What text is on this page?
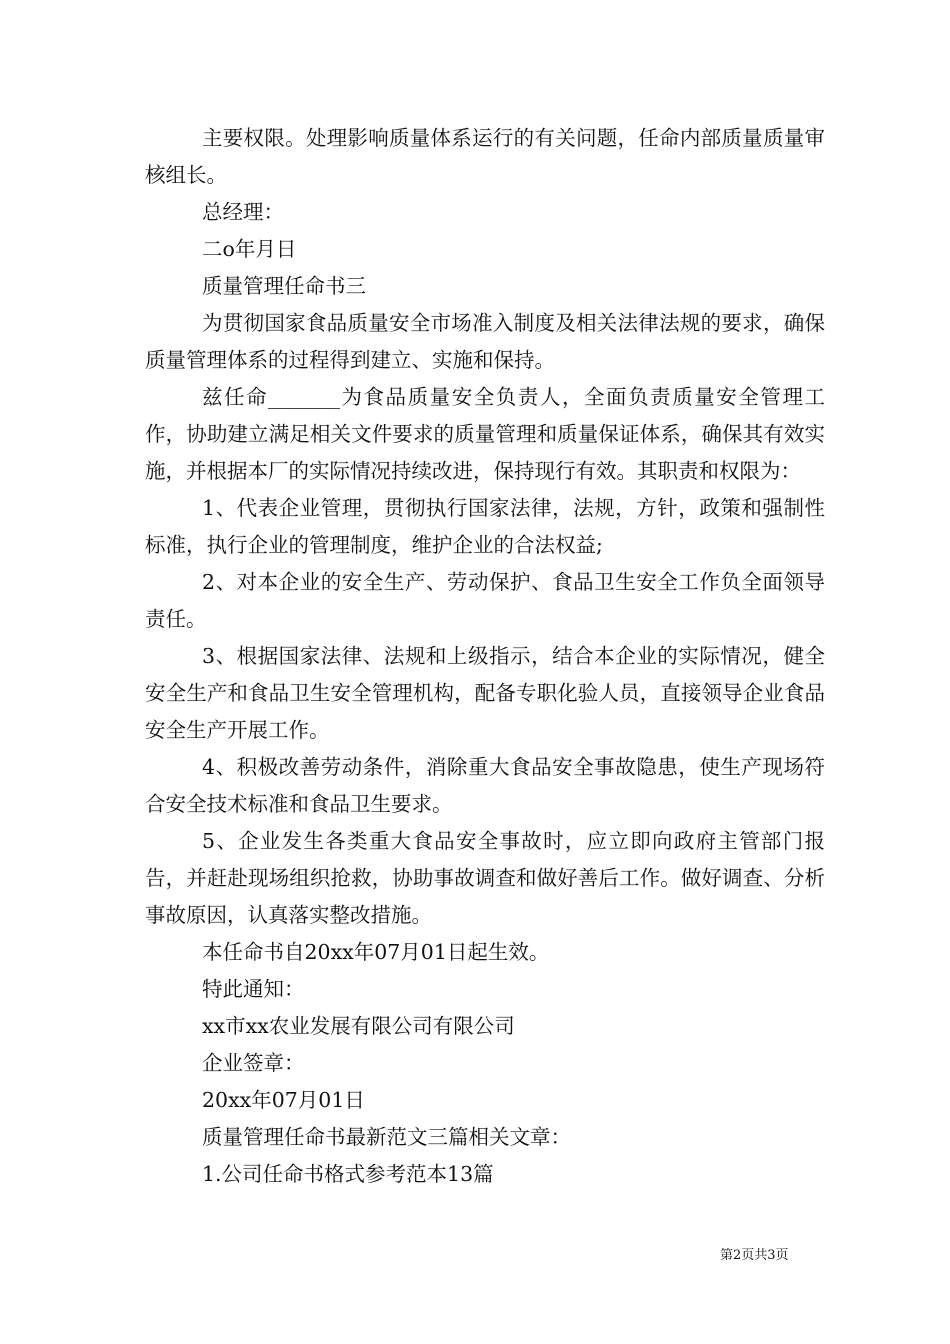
主要权限。处理影响质量体系运行的有关问题，任命内部质量质量审核组长。

总经理：

二o年月日

质量管理任命书三

为贯彻国家食品质量安全市场准入制度及相关法律法规的要求，确保质量管理体系的过程得到建立、实施和保持。

兹任命_______为食品质量安全负责人，全面负责质量安全管理工作，协助建立满足相关文件要求的质量管理和质量保证体系，确保其有效实施，并根据本厂的实际情况持续改进，保持现行有效。其职责和权限为：

1、代表企业管理，贯彻执行国家法律，法规，方针，政策和强制性标准，执行企业的管理制度，维护企业的合法权益;

2、对本企业的安全生产、劳动保护、食品卫生安全工作负全面领导责任。

3、根据国家法律、法规和上级指示，结合本企业的实际情况，健全安全生产和食品卫生安全管理机构，配备专职化验人员，直接领导企业食品安全生产开展工作。

4、积极改善劳动条件，消除重大食品安全事故隐患，使生产现场符合安全技术标准和食品卫生要求。

5、企业发生各类重大食品安全事故时，应立即向政府主管部门报告，并赶赴现场组织抢救，协助事故调查和做好善后工作。做好调查、分析事故原因，认真落实整改措施。

本任命书自20xx年07月01日起生效。

特此通知：

xx市xx农业发展有限公司有限公司

企业签章：

20xx年07月01日

质量管理任命书最新范文三篇相关文章：

1.公司任命书格式参考范本13篇

第2页共3页
